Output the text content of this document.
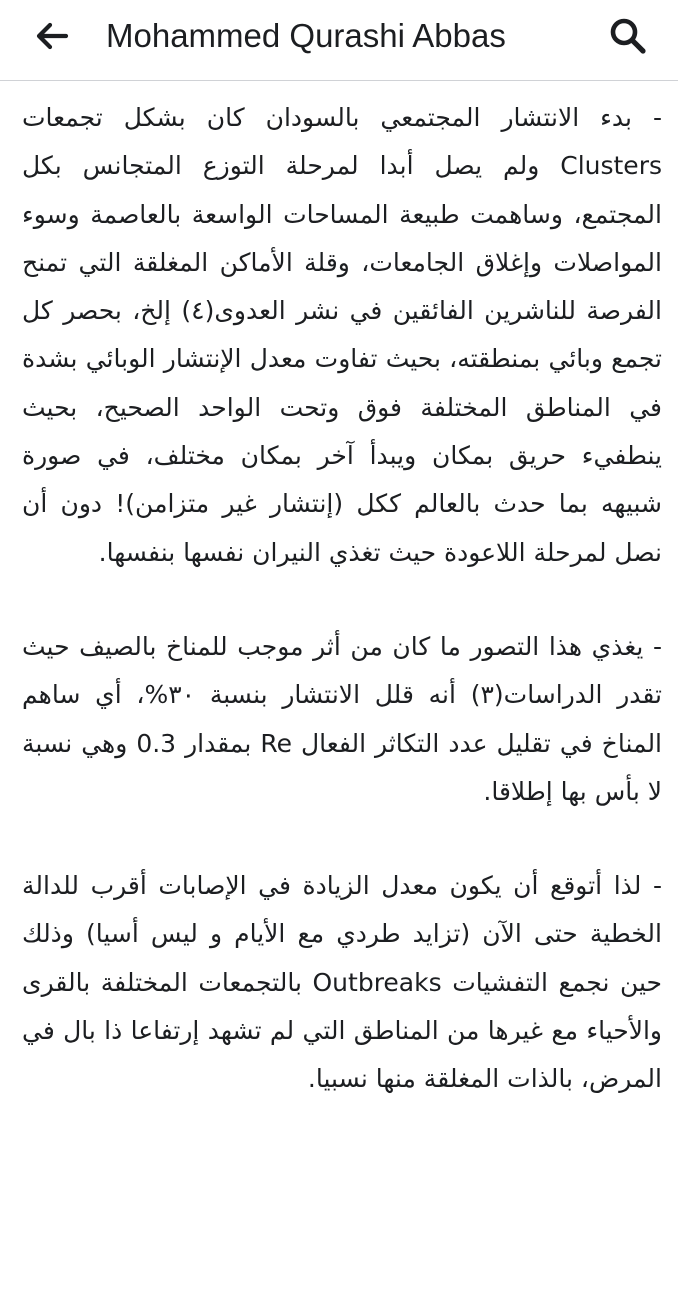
Mohammed Qurashi Abbas

- بدء الانتشار المجتمعي بالسودان كان بشكل تجمعات Clusters ولم يصل أبدا لمرحلة التوزع المتجانس بكل المجتمع، وساهمت طبيعة المساحات الواسعة بالعاصمة وسوء المواصلات وإغلاق الجامعات، وقلة الأماكن المغلقة التي تمنح الفرصة للناشرين الفائقين في نشر العدوى(٤) إلخ، بحصر كل تجمع وبائي بمنطقته، بحيث تفاوت معدل الإنتشار الوبائي بشدة في المناطق المختلفة فوق وتحت الواحد الصحيح، بحيث ينطفيء حريق بمكان ويبدأ آخر بمكان مختلف، في صورة شبيهه بما حدث بالعالم ككل (إنتشار غير متزامن)! دون أن نصل لمرحلة اللاعودة حيث تغذي النيران نفسها بنفسها.

- يغذي هذا التصور ما كان من أثر موجب للمناخ بالصيف حيث تقدر الدراسات(٣) أنه قلل الانتشار بنسبة ٣٠%، أي ساهم المناخ في تقليل عدد التكاثر الفعال Re بمقدار 0.3 وهي نسبة لا بأس بها إطلاقا.

- لذا أتوقع أن يكون معدل الزيادة في الإصابات أقرب للدالة الخطية حتى الآن (تزايد طردي مع الأيام و ليس أسيا) وذلك حين نجمع التفشيات Outbreaks بالتجمعات المختلفة بالقرى والأحياء مع غيرها من المناطق التي لم تشهد إرتفاعا ذا بال في المرض، بالذات المغلقة منها نسبيا.
